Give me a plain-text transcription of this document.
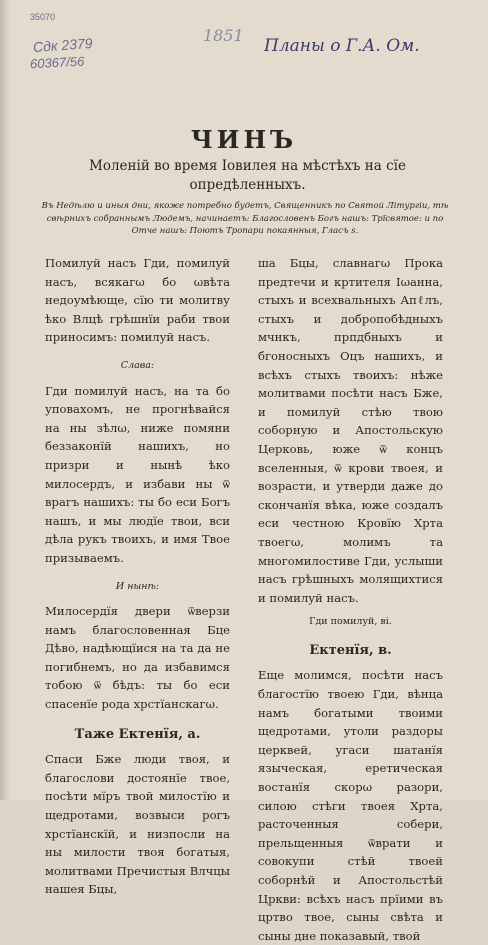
35070
Сдк 2379
60367/56
1851
Планы о Г.А. Ом.
ЧИНЪ
Моленій во время Іовилея на мѣстѣхъ на сїе опредѣленныхъ.
Въ Недѣлю и иныя дни, якоже потребно будетъ, Священникъ по Святой Літургіи, тѣ свѣрнихъ собраннымъ Людемъ, начинаетъ: Благословенъ Богъ нашъ: Трїсвятое: и по Отче нашъ: Поютъ Тропари покаянныя, Гласъ ѕ.

Помилуй насъ Гди, помилуй насъ, всякагω бо ωвѣта недоумѣюще, сїю ти молитву ѣко Влцѣ грѣшнїи раби твои приносимъ: помилуй насъ.

Слава:

Гди помилуй насъ, на та бо уповахомъ, не прогнѣвайся на ны зѣлω, ниже помяни беззаконїй нашихъ, но призри и нынѣ ѣко милосердъ, и избави ны ѿ врагъ нашихъ: ты бо еси Богъ нашъ, и мы людїе твои, вси дѣла рукъ твоихъ, и имя Твое призываемъ.

И нынѣ:

Милосердїя двери ѿверзи намъ благословенная Бце Дѣво, надѣющїися на та да не погибнемъ, но да избавимся тобою ѿ бѣдъ: ты бо еси спасенїе рода хрстїанскагω.

Таже Ектенїя, а.

Спаси Бже люди твоя, и благослови достоянїе твое, посѣти мїръ твой милостїю и щедротами, возвыси рогъ хрстїанскїй, и низпосли на ны милости твоя богатыя, молитвами Пречистыя Влчцы нашея Бцы,

ша Бцы, славнагω Прока предтечи и кртителя Іωанна, стыхъ и всехвальныхъ Апℓлъ, стыхъ и добропобѣдныхъ мчнкъ, прпдбныхъ и бгоносныхъ Оцъ нашихъ, и всѣхъ стыхъ твоихъ: нѣже молитвами посѣти насъ Бже, и помилуй стѣю твою соборную и Апостольскую Церковь, юже ѿ концъ вселенныя, ѿ крови твоея, и возрасти, и утверди дажe до скончанїя вѣка, юже создалъ еси честною Кровїю Хрта твоегω, молимъ та многомилостиве Гди, услыши насъ грѣшныхъ молящихтися и помилуй насъ.

Гди помилуй, ві.
Ектенїя, в.

Еще молимся, посѣти насъ благостїю твоею Гди, вѣнца намъ богатыми твоими щедротами, утоли раздоры церквей, угаси шатанїя языческая, еретическая востанїя скорω разори, силою стѣги твоея Хрта, расточенныя собери, прельщенныя ѿврати и совокупи стѣй твоей соборнѣй и Апостольстѣй Цркви: всѣхъ насъ прїими въ цртво твое, сыны свѣта и сыны дне показавый, твой
